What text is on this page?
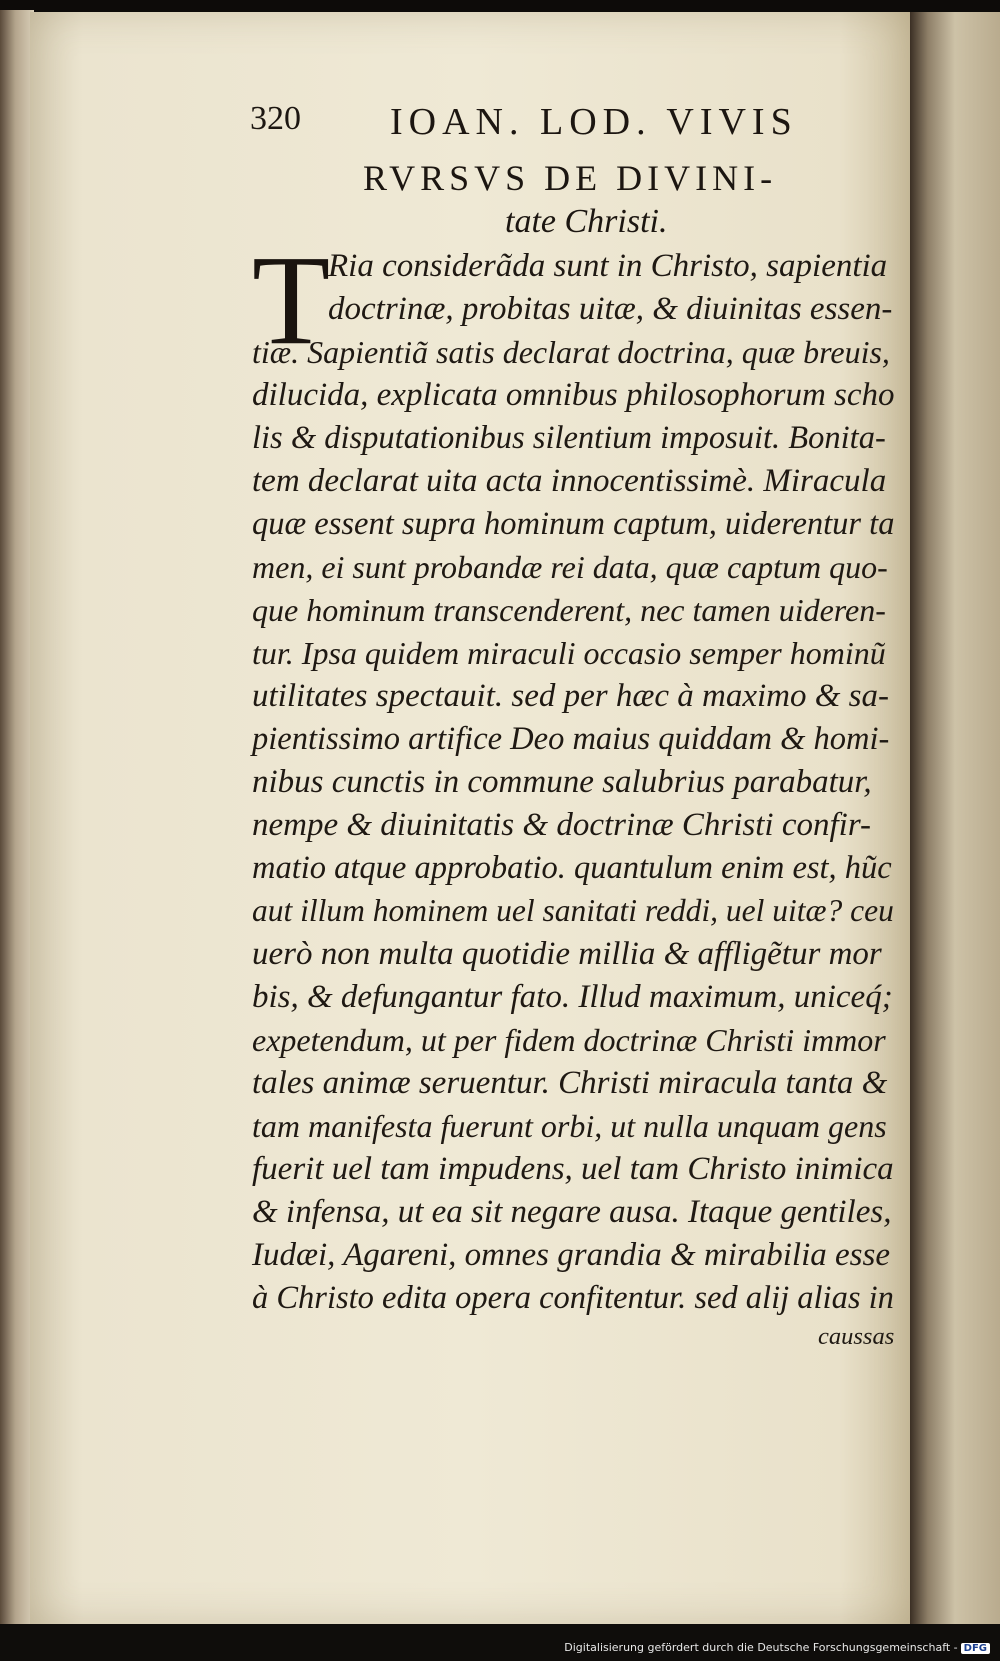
320 IOAN. LOD. VIVIS
RVRSVS DE DIVINI-
tate Christi.
T
Ria considerãda sunt in Christo, sapientia
doctrinæ, probitas uitæ, & diuinitas essen-
tiæ. Sapientiã satis declarat doctrina, quæ breuis,
dilucida, explicata omnibus philosophorum scho
lis & disputationibus silentium imposuit. Bonita-
tem declarat uita acta innocentissimè. Miracula
quæ essent supra hominum captum, uiderentur ta
men, ei sunt probandæ rei data, quæ captum quo-
que hominum transcenderent, nec tamen uideren-
tur. Ipsa quidem miraculi occasio semper hominũ
utilitates spectauit. sed per hæc à maximo & sa-
pientissimo artifice Deo maius quiddam & homi-
nibus cunctis in commune salubrius parabatur,
nempe & diuinitatis & doctrinæ Christi confir-
matio atque approbatio. quantulum enim est, hũc
aut illum hominem uel sanitati reddi, uel uitæ? ceu
uerò non multa quotidie millia & affligẽtur mor
bis, & defungantur fato. Illud maximum, uniceq́;
expetendum, ut per fidem doctrinæ Christi immor
tales animæ seruentur. Christi miracula tanta &
tam manifesta fuerunt orbi, ut nulla unquam gens
fuerit uel tam impudens, uel tam Christo inimica
& infensa, ut ea sit negare ausa. Itaque gentiles,
Iudæi, Agareni, omnes grandia & mirabilia esse
à Christo edita opera confitentur. sed alij alias in
caussas
Digitalisierung gefördert durch die Deutsche Forschungsgemeinschaft - DFG
